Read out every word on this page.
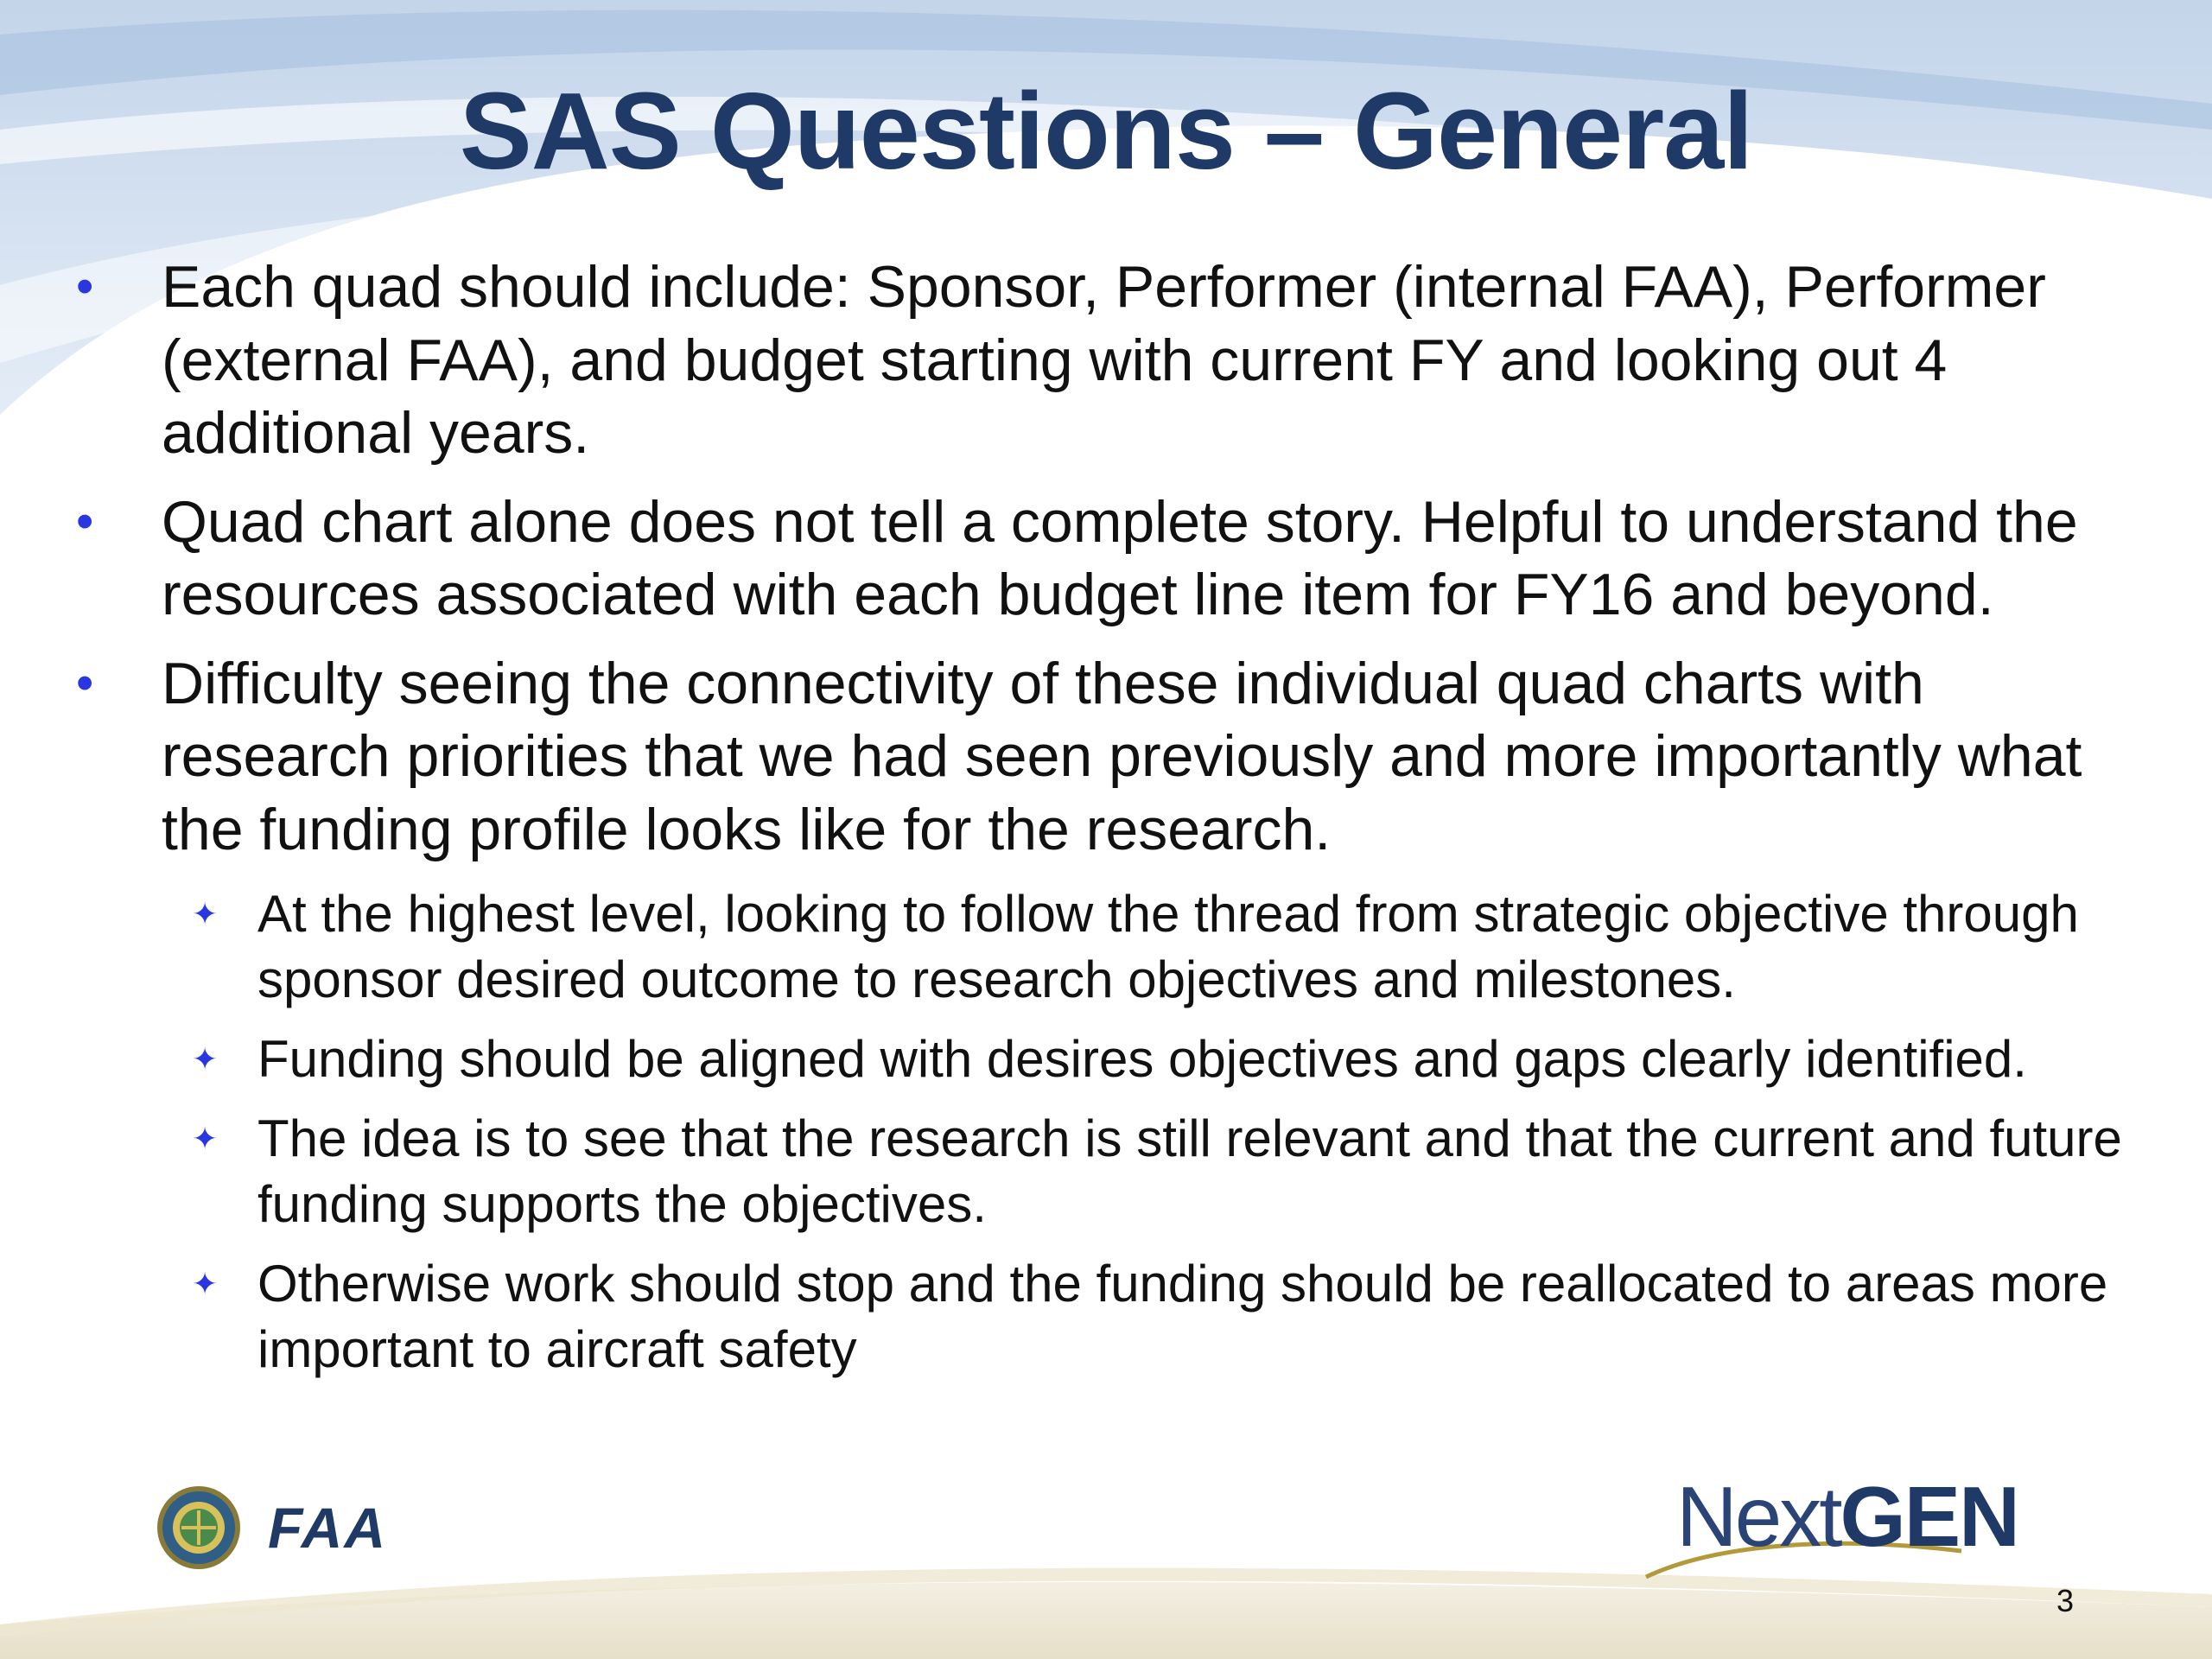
SAS Questions – General
• Each quad should include: Sponsor, Performer (internal FAA), Performer (external FAA), and budget starting with current FY and looking out 4 additional years.
• Quad chart alone does not tell a complete story. Helpful to understand the resources associated with each budget line item for FY16 and beyond.
• Difficulty seeing the connectivity of these individual quad charts with research priorities that we had seen previously and more importantly what the funding profile looks like for the research.
✦ At the highest level, looking to follow the thread from strategic objective through sponsor desired outcome to research objectives and milestones.
✦ Funding should be aligned with desires objectives and gaps clearly identified.
✦ The idea is to see that the research is still relevant and that the current and future funding supports the objectives.
✦ Otherwise work should stop and the funding should be reallocated to areas more important to aircraft safety
FAA	NextGEN
3
